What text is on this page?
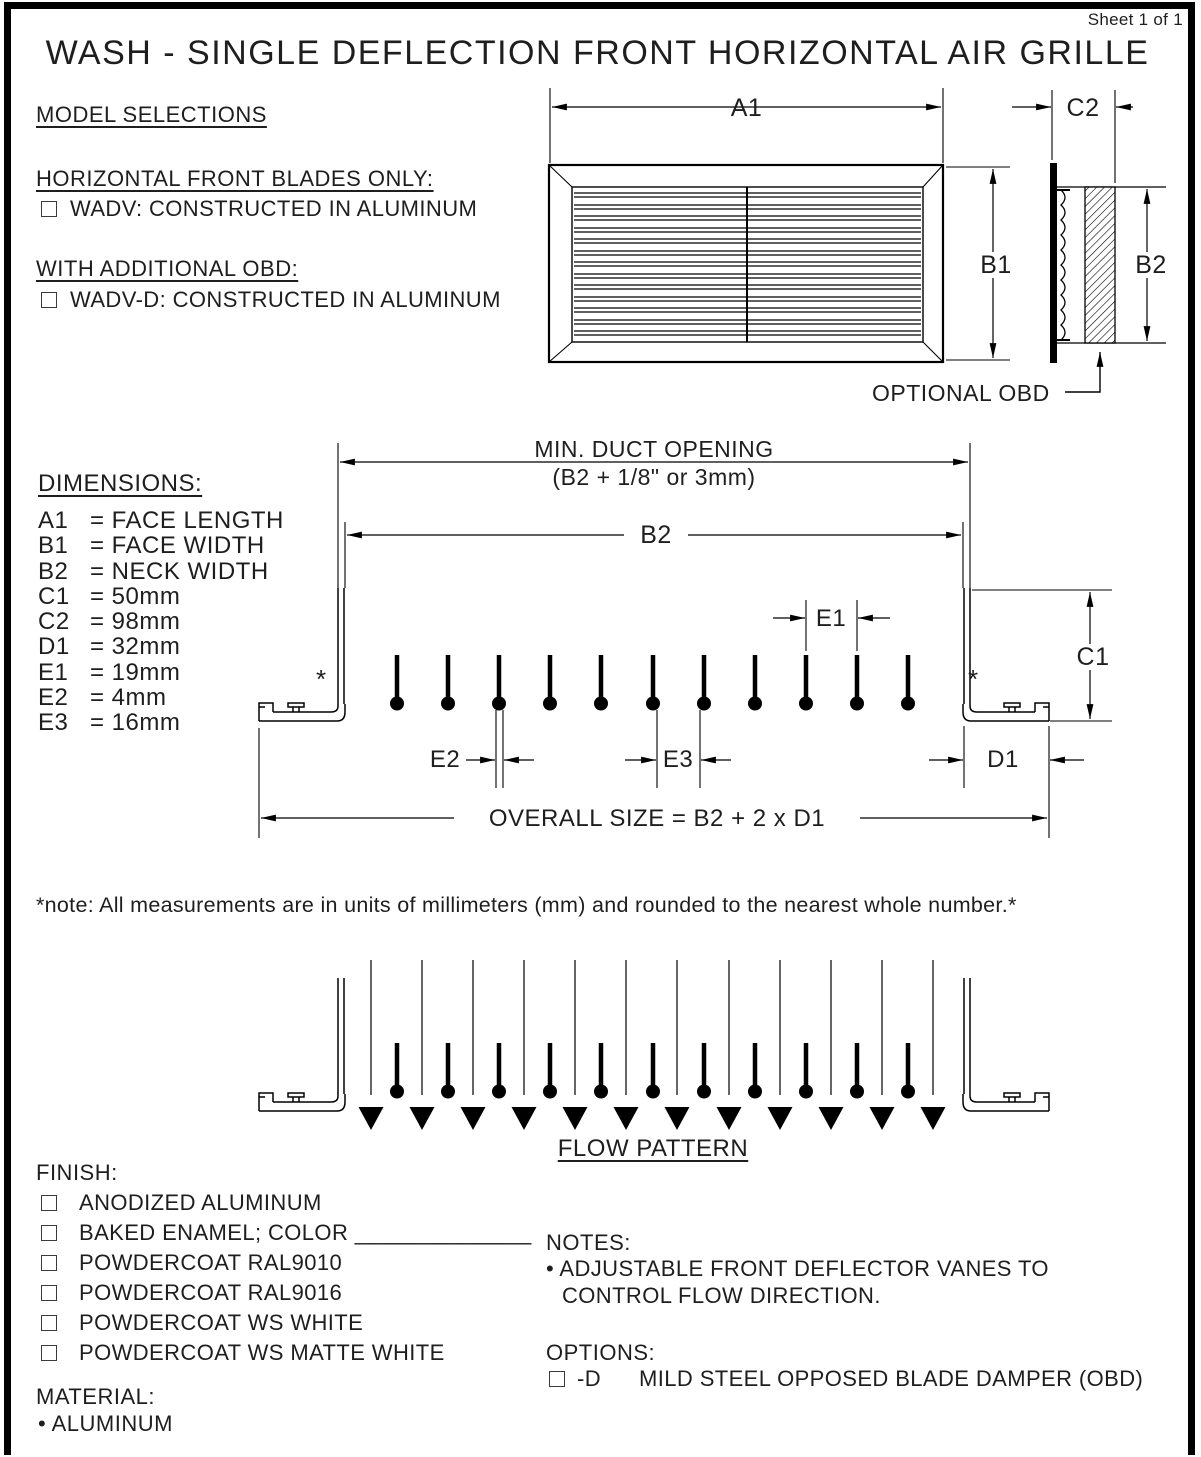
Sheet 1 of 1
WASH - SINGLE DEFLECTION FRONT HORIZONTAL AIR GRILLE
MODEL SELECTIONS
HORIZONTAL FRONT BLADES ONLY:
WADV: CONSTRUCTED IN ALUMINUM
WITH ADDITIONAL OBD:
WADV-D: CONSTRUCTED IN ALUMINUM
DIMENSIONS:
A1 = FACE LENGTH
B1 = FACE WIDTH
B2 = NECK WIDTH
C1 = 50mm
C2 = 98mm
D1 = 32mm
E1 = 19mm
E2 = 4mm
E3 = 16mm
A1
B1
C2
B2
OPTIONAL OBD
MIN. DUCT OPENING
(B2 + 1/8" or 3mm)
B2
E1
C1
E2	E3	D1
OVERALL SIZE = B2 + 2 x D1
*	*
FLOW PATTERN
*note: All measurements are in units of millimeters (mm) and rounded to the nearest whole number.*
FINISH:
ANODIZED ALUMINUM
BAKED ENAMEL; COLOR ______________
POWDERCOAT RAL9010
POWDERCOAT RAL9016
POWDERCOAT WS WHITE
POWDERCOAT WS MATTE WHITE
MATERIAL:
• ALUMINUM
NOTES:
• ADJUSTABLE FRONT DEFLECTOR VANES TO CONTROL FLOW DIRECTION.
OPTIONS:
-D MILD STEEL OPPOSED BLADE DAMPER (OBD)
